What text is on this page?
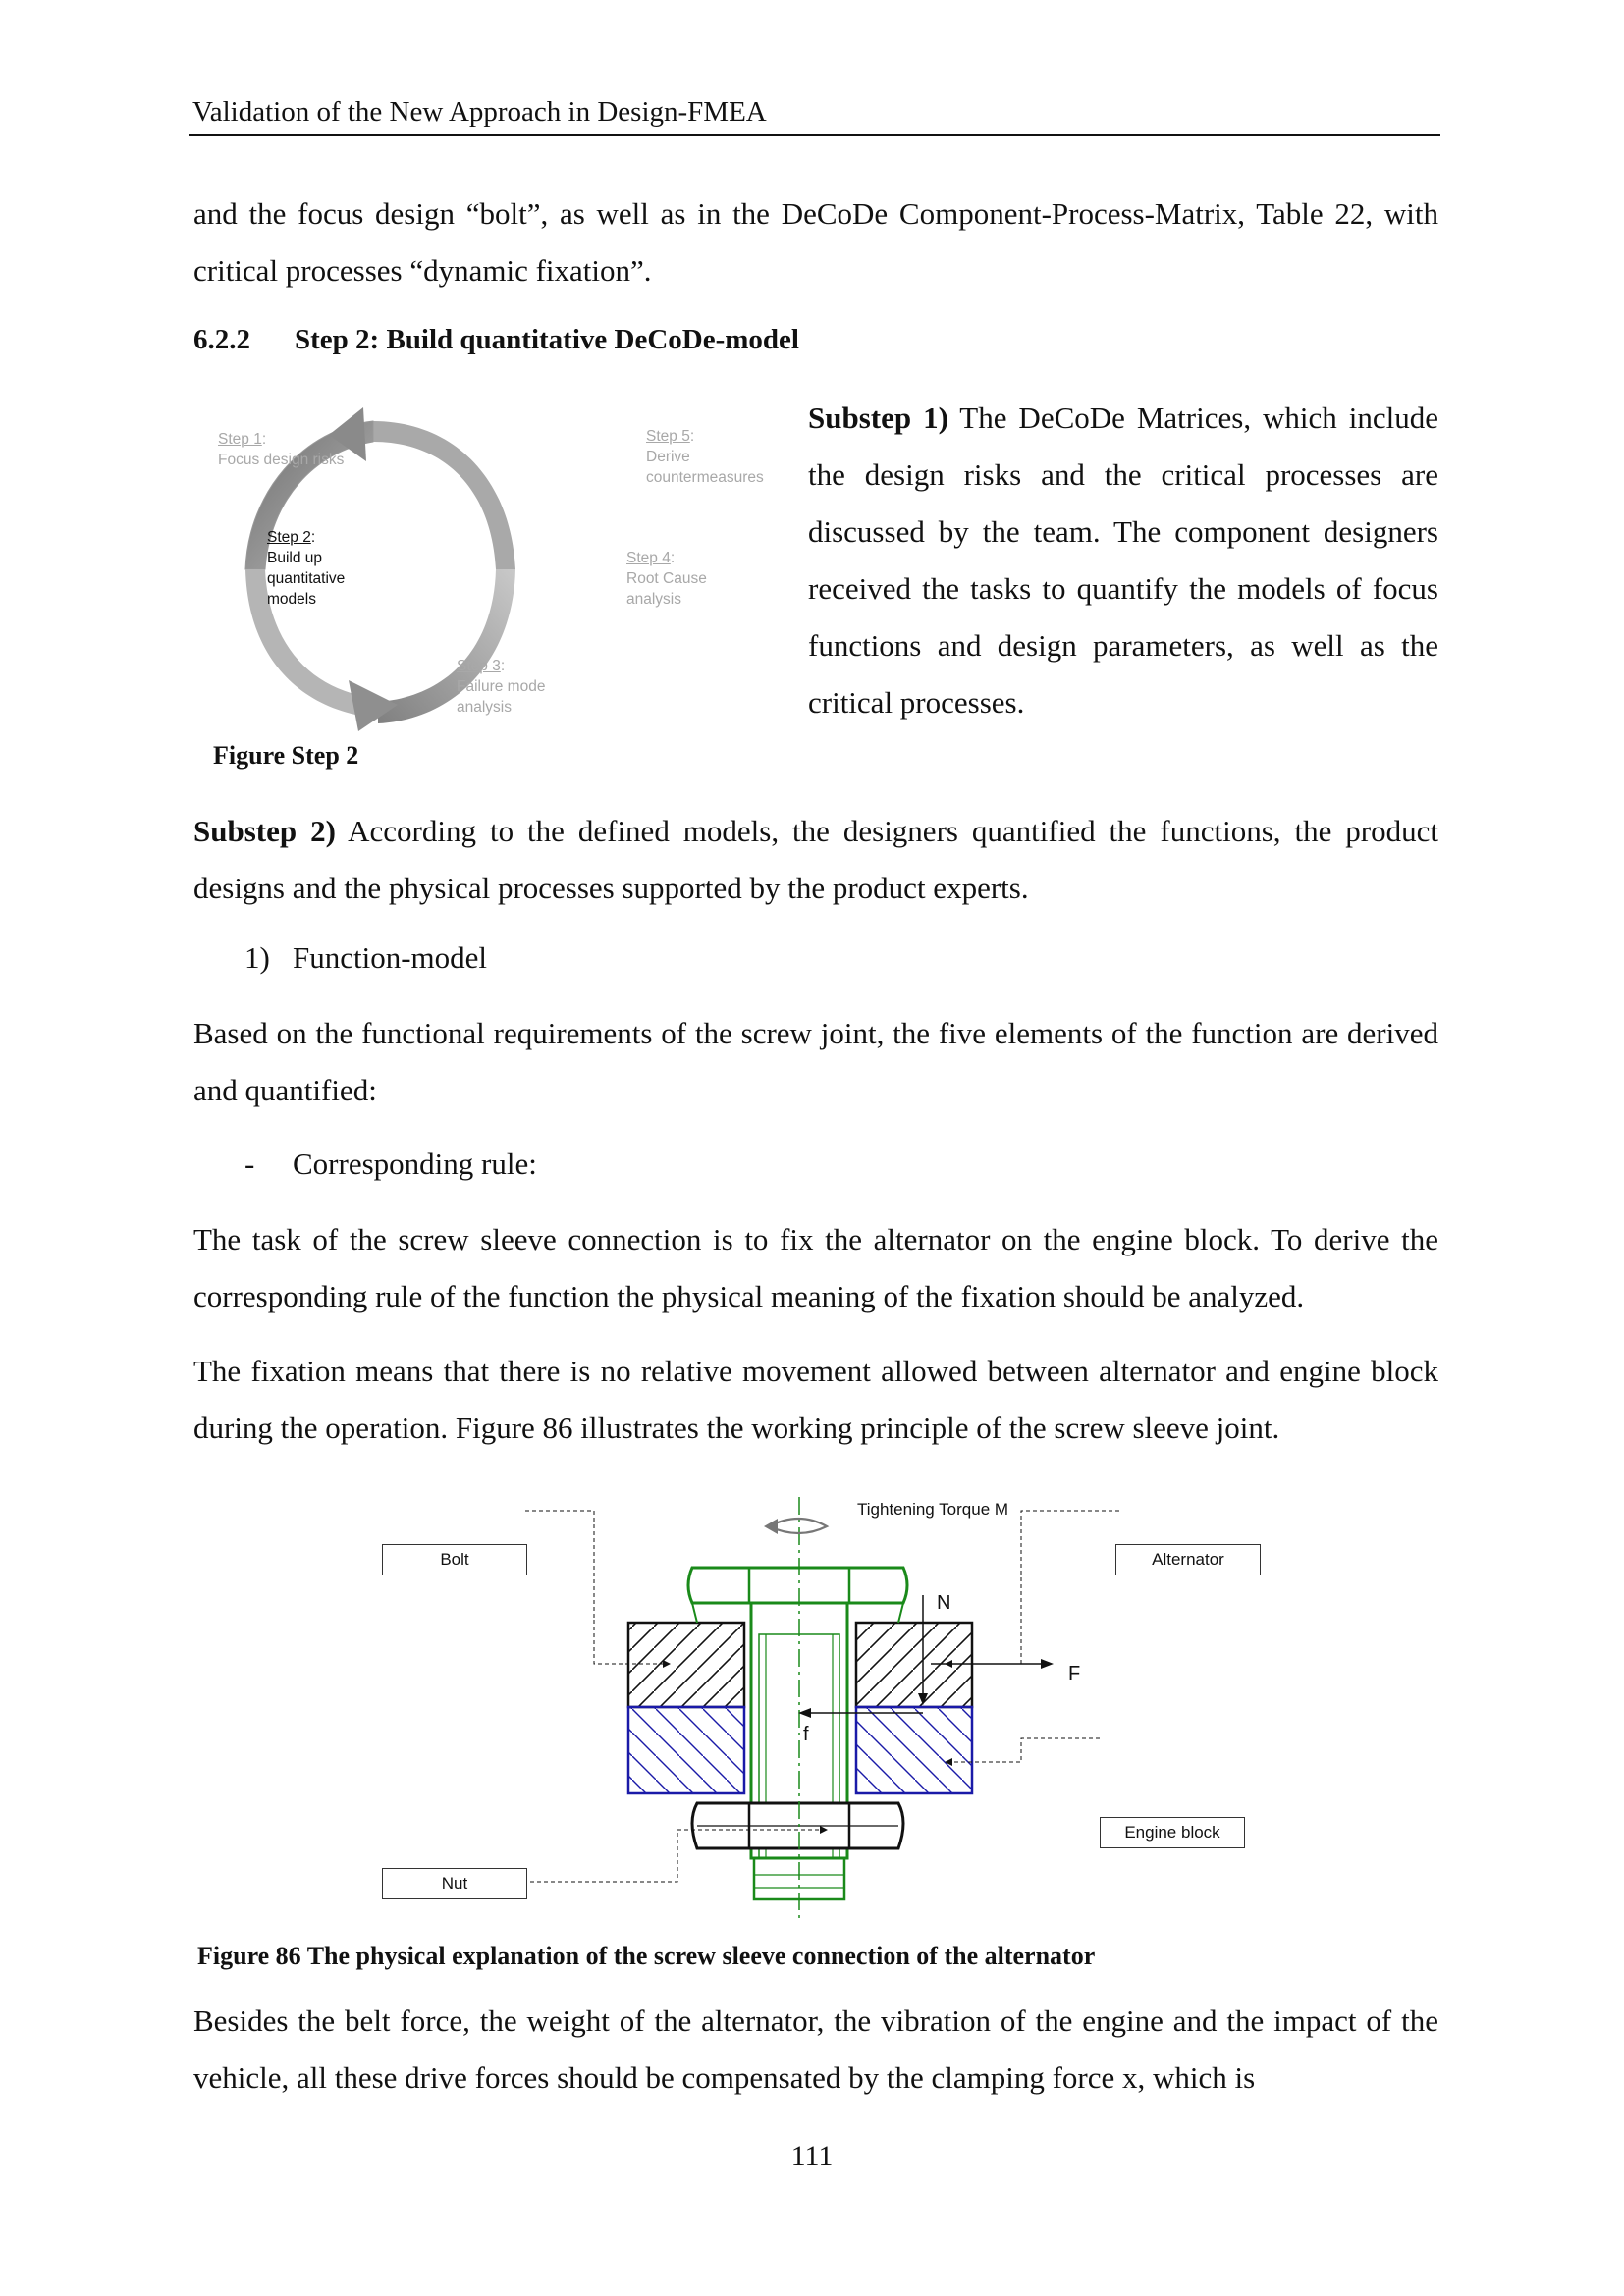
Validation of the New Approach in Design-FMEA
and the focus design “bolt”, as well as in the DeCoDe Component-Process-Matrix, Table 22, with critical processes “dynamic fixation”.
6.2.2 Step 2: Build quantitative DeCoDe-model
Step 1:
Focus design risks
Step 2:
Build up
quantitative
models
Step 3:
Failure mode
analysis
Step 4:
Root Cause
analysis
Step 5:
Derive
countermeasures
Figure Step 2
Substep 1) The DeCoDe Matrices, which include the design risks and the critical processes are discussed by the team. The component designers received the tasks to quantify the models of focus functions and design parameters, as well as the critical processes.
Substep 2) According to the defined models, the designers quantified the functions, the product designs and the physical processes supported by the product experts.
1) Function-model
Based on the functional requirements of the screw joint, the five elements of the function are derived and quantified:
- Corresponding rule:
The task of the screw sleeve connection is to fix the alternator on the engine block. To derive the corresponding rule of the function the physical meaning of the fixation should be analyzed.
The fixation means that there is no relative movement allowed between alternator and engine block during the operation. Figure 86 illustrates the working principle of the screw sleeve joint.
Tightening Torque M
Bolt	Alternator
Engine block
Nut
N
F
f
Figure 86 The physical explanation of the screw sleeve connection of the alternator
Besides the belt force, the weight of the alternator, the vibration of the engine and the impact of the vehicle, all these drive forces should be compensated by the clamping force x, which is
111
